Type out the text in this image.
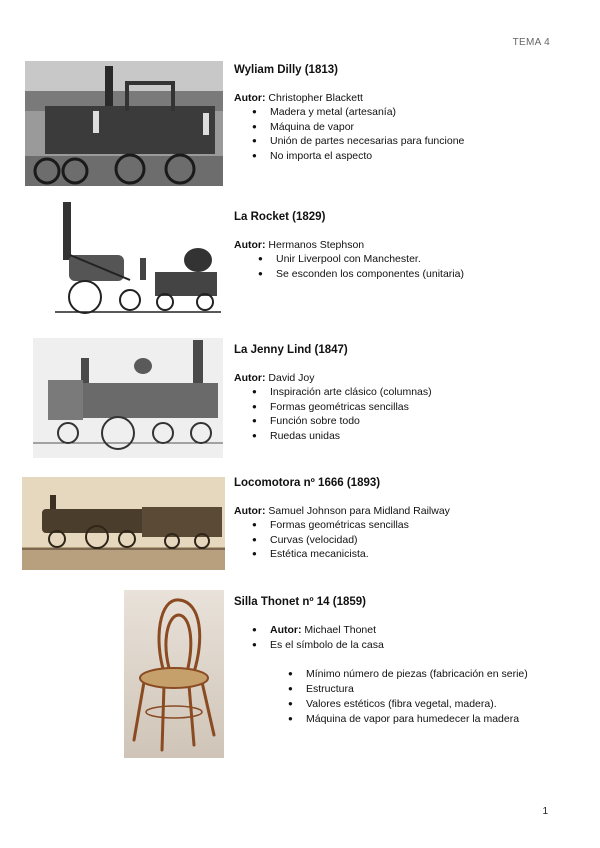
TEMA 4

Wyliam Dilly (1813)

Autor: Christopher Blackett

● Madera y metal (artesanía)
● Máquina de vapor
● Unión de partes necesarias para funcione
● No importa el aspecto

La Rocket (1829)

Autor: Hermanos Stephson

● Unir Liverpool con Manchester.
● Se esconden los componentes (unitaria)

La Jenny Lind (1847)

Autor: David Joy

● Inspiración arte clásico (columnas)
● Formas geométricas sencillas
● Función sobre todo
● Ruedas unidas

Locomotora nº 1666 (1893)

Autor: Samuel Johnson para Midland Railway

● Formas geométricas sencillas
● Curvas (velocidad)
● Estética mecanicista.

Silla Thonet nº 14 (1859)

● Autor: Michael Thonet
● Es el símbolo de la casa
● Mínimo número de piezas (fabricación en serie)
● Estructura
● Valores estéticos (fibra vegetal, madera).
● Máquina de vapor para humedecer la madera
1
